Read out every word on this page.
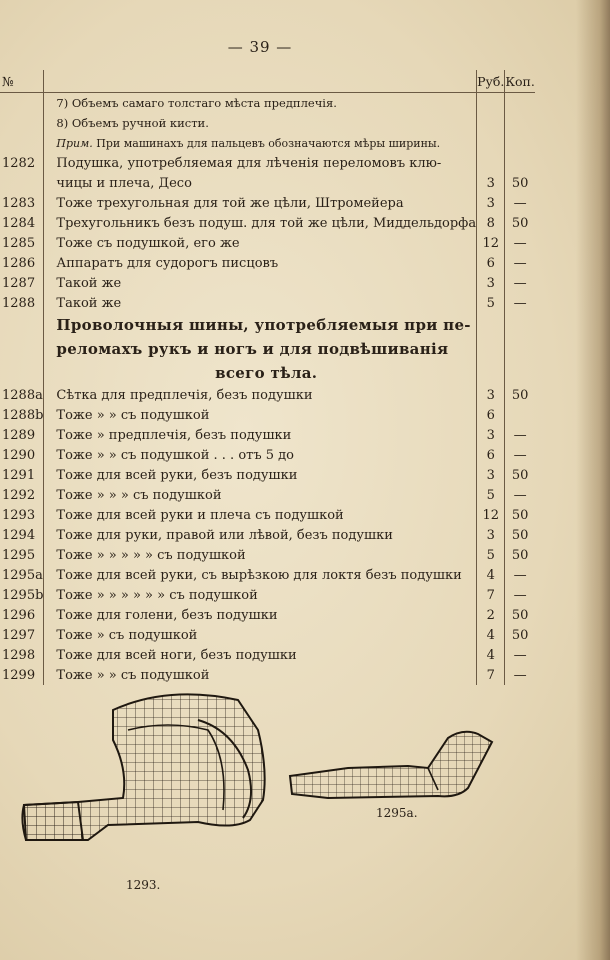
— 39 —
№		Руб.	Коп.
	7) Объемъ самаго толстаго мѣста предплечія.		
	8) Объемъ ручной кисти.		
	Прим. При машинахъ для пальцевъ обозначаются мѣры ширины.		
1282	Подушка, употребляемая для лѣченія переломовъ клю-		
	чицы и плеча, Десо	3	50
1283	Тоже трехугольная для той же цѣли, Штромейера	3	—
1284	Трехугольникъ безъ подуш. для той же цѣли, Миддельдорфа	8	50
1285	Тоже съ подушкой, его же	12	—
1286	Аппаратъ для судорогъ писцовъ	6	—
1287	Такой же	3	—
1288	Такой же	5	—
	Проволочныя шины, употребляемыя при пе-		
	реломахъ рукъ и ногъ и для подвѣшиванія		
	всего тѣла.		
1288a	Сѣтка для предплечія, безъ подушки	3	50
1288b	Тоже » » съ подушкой	6	
1289	Тоже » предплечія, безъ подушки	3	—
1290	Тоже » » съ подушкой . . . отъ 5 до	6	—
1291	Тоже для всей руки, безъ подушки	3	50
1292	Тоже » » » съ подушкой	5	—
1293	Тоже для всей руки и плеча съ подушкой	12	50
1294	Тоже для руки, правой или лѣвой, безъ подушки	3	50
1295	Тоже » » » » » съ подушкой	5	50
1295a	Тоже для всей руки, съ вырѣзкою для локтя безъ подушки	4	—
1295b	Тоже » » » » » » съ подушкой	7	—
1296	Тоже для голени, безъ подушки	2	50
1297	Тоже » съ подушкой	4	50
1298	Тоже для всей ноги, безъ подушки	4	—
1299	Тоже » » съ подушкой	7	—
1293.
1295a.
